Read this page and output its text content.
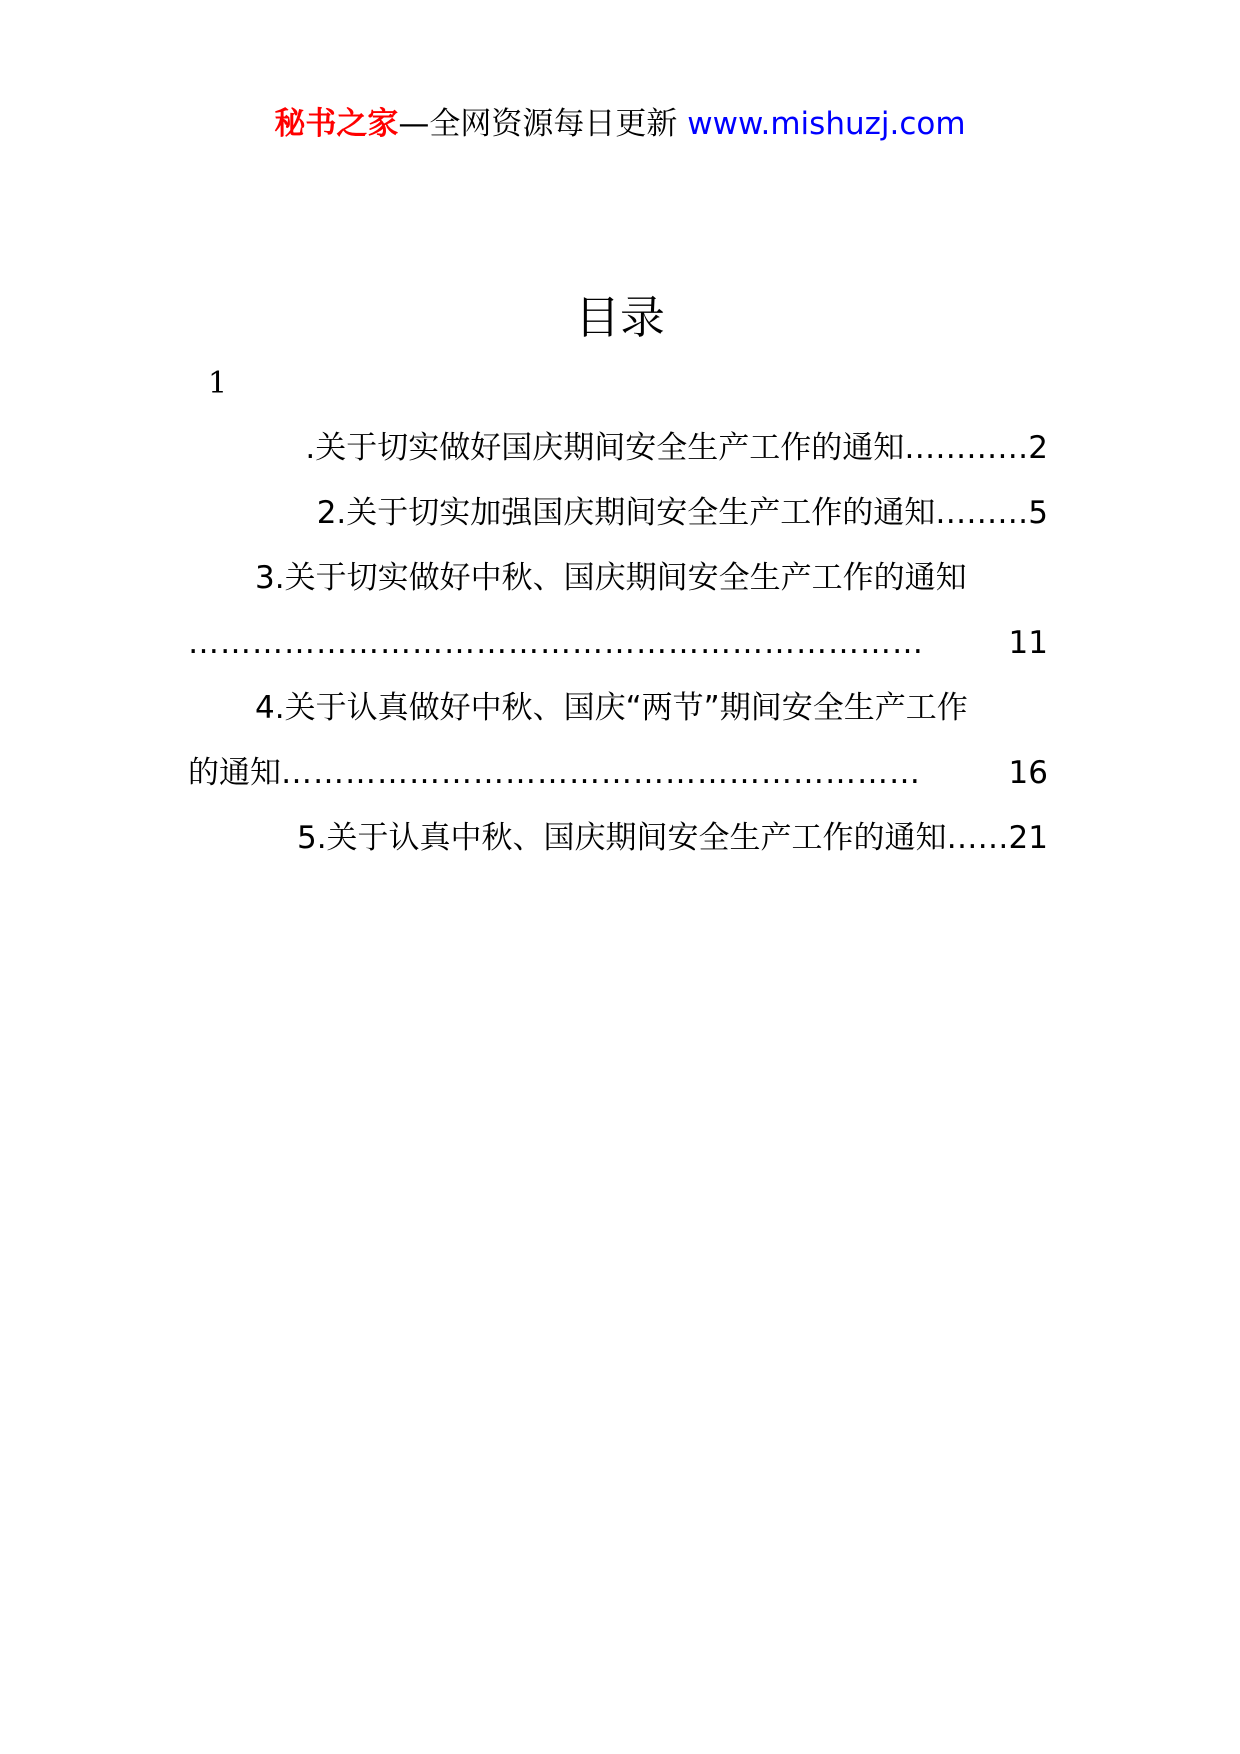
秘书之家—全网资源每日更新 www.mishuzj.com
目录
1
.关于切实做好国庆期间安全生产工作的通知…………2
2.关于切实加强国庆期间安全生产工作的通知………5
3.关于切实做好中秋、国庆期间安全生产工作的通知
……………………………………………………………	11
4.关于认真做好中秋、国庆“两节”期间安全生产工作
的通知 ……………………………………………………	16
5.关于认真中秋、国庆期间安全生产工作的通知……21
